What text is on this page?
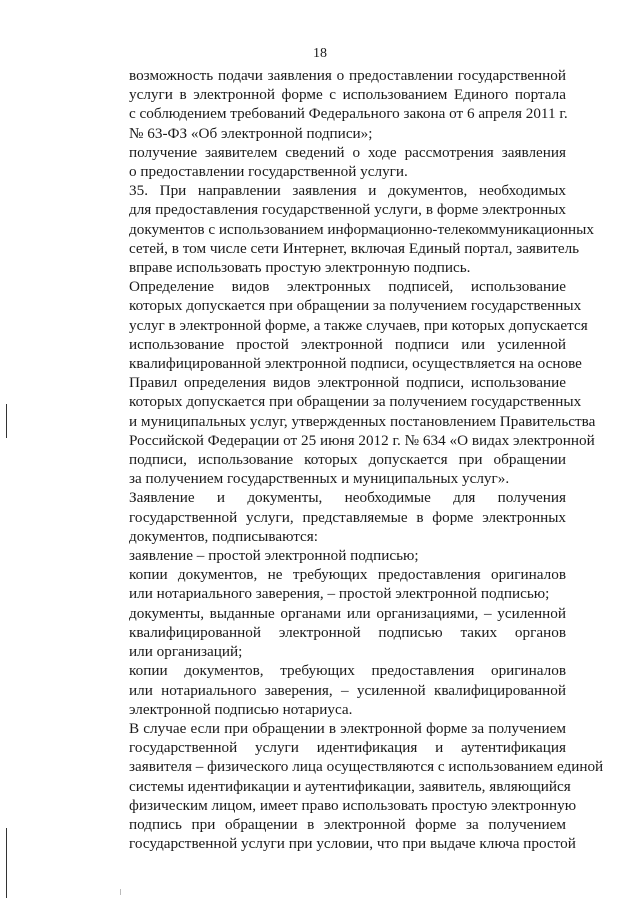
18
возможность подачи заявления о предоставлении государственной
услуги в электронной форме с использованием Единого портала
с соблюдением требований Федерального закона от 6 апреля 2011 г.
№ 63-ФЗ «Об электронной подписи»;
получение заявителем сведений о ходе рассмотрения заявления
о предоставлении государственной услуги.
35. При направлении заявления и документов, необходимых
для предоставления государственной услуги, в форме электронных
документов с использованием информационно-телекоммуникационных
сетей, в том числе сети Интернет, включая Единый портал, заявитель
вправе использовать простую электронную подпись.
Определение видов электронных подписей, использование
которых допускается при обращении за получением государственных
услуг в электронной форме, а также случаев, при которых допускается
использование простой электронной подписи или усиленной
квалифицированной электронной подписи, осуществляется на основе
Правил определения видов электронной подписи, использование
которых допускается при обращении за получением государственных
и муниципальных услуг, утвержденных постановлением Правительства
Российской Федерации от 25 июня 2012 г. № 634 «О видах электронной
подписи, использование которых допускается при обращении
за получением государственных и муниципальных услуг».
Заявление и документы, необходимые для получения
государственной услуги, представляемые в форме электронных
документов, подписываются:
заявление – простой электронной подписью;
копии документов, не требующих предоставления оригиналов
или нотариального заверения, – простой электронной подписью;
документы, выданные органами или организациями, – усиленной
квалифицированной электронной подписью таких органов
или организаций;
копии документов, требующих предоставления оригиналов
или нотариального заверения, – усиленной квалифицированной
электронной подписью нотариуса.
В случае если при обращении в электронной форме за получением
государственной услуги идентификация и аутентификация
заявителя – физического лица осуществляются с использованием единой
системы идентификации и аутентификации, заявитель, являющийся
физическим лицом, имеет право использовать простую электронную
подпись при обращении в электронной форме за получением
государственной услуги при условии, что при выдаче ключа простой
